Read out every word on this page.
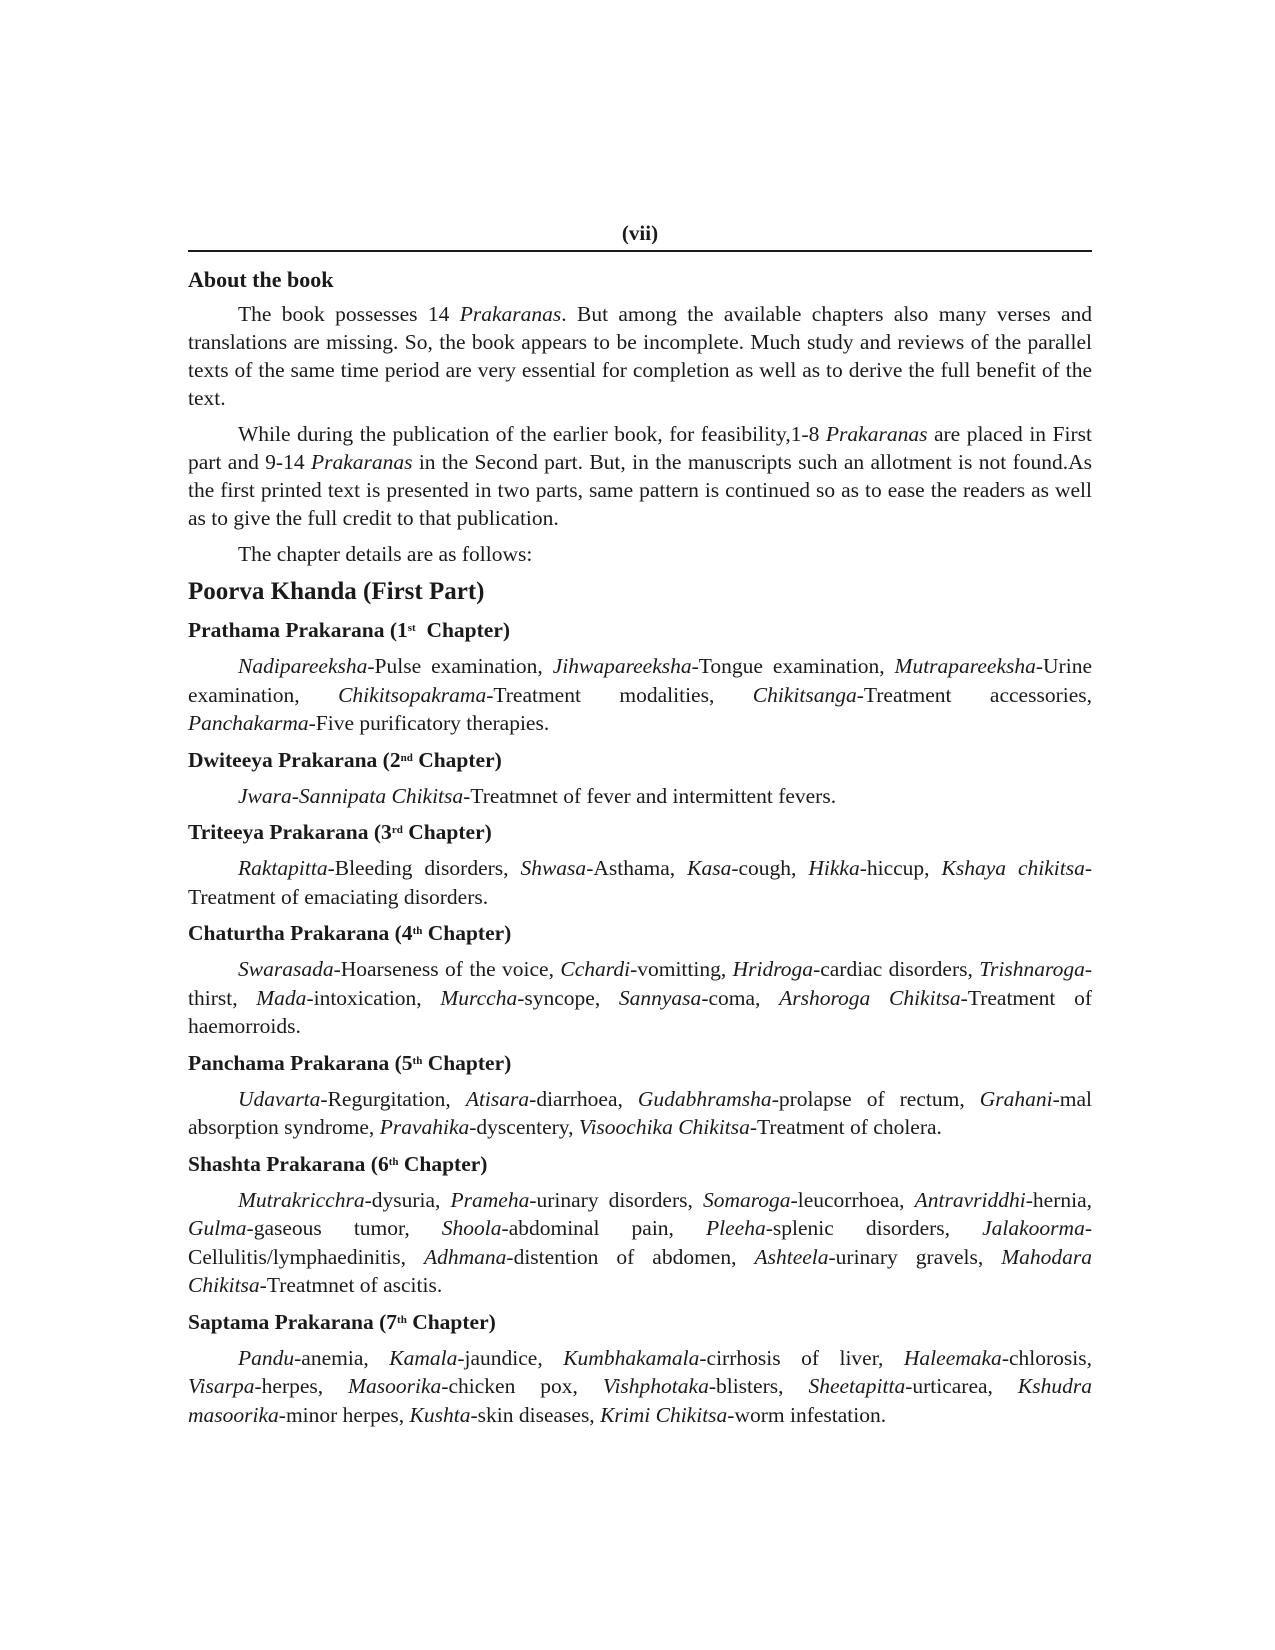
(vii)
About the book

The book possesses 14 Prakaranas. But among the available chapters also many verses and translations are missing. So, the book appears to be incomplete. Much study and reviews of the parallel texts of the same time period are very essential for completion as well as to derive the full benefit of the text.

While during the publication of the earlier book, for feasibility,1-8 Prakaranas are placed in First part and 9-14 Prakaranas in the Second part. But, in the manuscripts such an allotment is not found.As the first printed text is presented in two parts, same pattern is continued so as to ease the readers as well as to give the full credit to that publication.

The chapter details are as follows:

Poorva Khanda (First Part)
Prathama Prakarana (1st  Chapter)

Nadipareeksha-Pulse examination, Jihwapareeksha-Tongue examination, Mutrapareeksha-Urine examination, Chikitsopakrama-Treatment modalities, Chikitsanga-Treatment accessories, Panchakarma-Five purificatory therapies.

Dwiteeya Prakarana (2nd Chapter)

Jwara-Sannipata Chikitsa-Treatmnet of fever and intermittent fevers.

Triteeya Prakarana (3rd Chapter)

Raktapitta-Bleeding disorders, Shwasa-Asthama, Kasa-cough, Hikka-hiccup, Kshaya chikitsa-Treatment of emaciating disorders.

Chaturtha Prakarana (4th Chapter)

Swarasada-Hoarseness of the voice, Cchardi-vomitting, Hridroga-cardiac disorders, Trishnaroga-thirst, Mada-intoxication, Murccha-syncope, Sannyasa-coma, Arshoroga Chikitsa-Treatment of haemorroids.

Panchama Prakarana (5th Chapter)

Udavarta-Regurgitation, Atisara-diarrhoea, Gudabhramsha-prolapse of rectum, Grahani-mal absorption syndrome, Pravahika-dyscentery, Visoochika Chikitsa-Treatment of cholera.

Shashta Prakarana (6th Chapter)

Mutrakricchra-dysuria, Prameha-urinary disorders, Somaroga-leucorrhoea, Antravriddhi-hernia, Gulma-gaseous tumor, Shoola-abdominal pain, Pleeha-splenic disorders, Jalakoorma-Cellulitis/lymphaedinitis, Adhmana-distention of abdomen, Ashteela-urinary gravels, Mahodara Chikitsa-Treatmnet of ascitis.

Saptama Prakarana (7th Chapter)

Pandu-anemia, Kamala-jaundice, Kumbhakamala-cirrhosis of liver, Haleemaka-chlorosis, Visarpa-herpes, Masoorika-chicken pox, Vishphotaka-blisters, Sheetapitta-urticarea, Kshudra masoorika-minor herpes, Kushta-skin diseases, Krimi Chikitsa-worm infestation.
